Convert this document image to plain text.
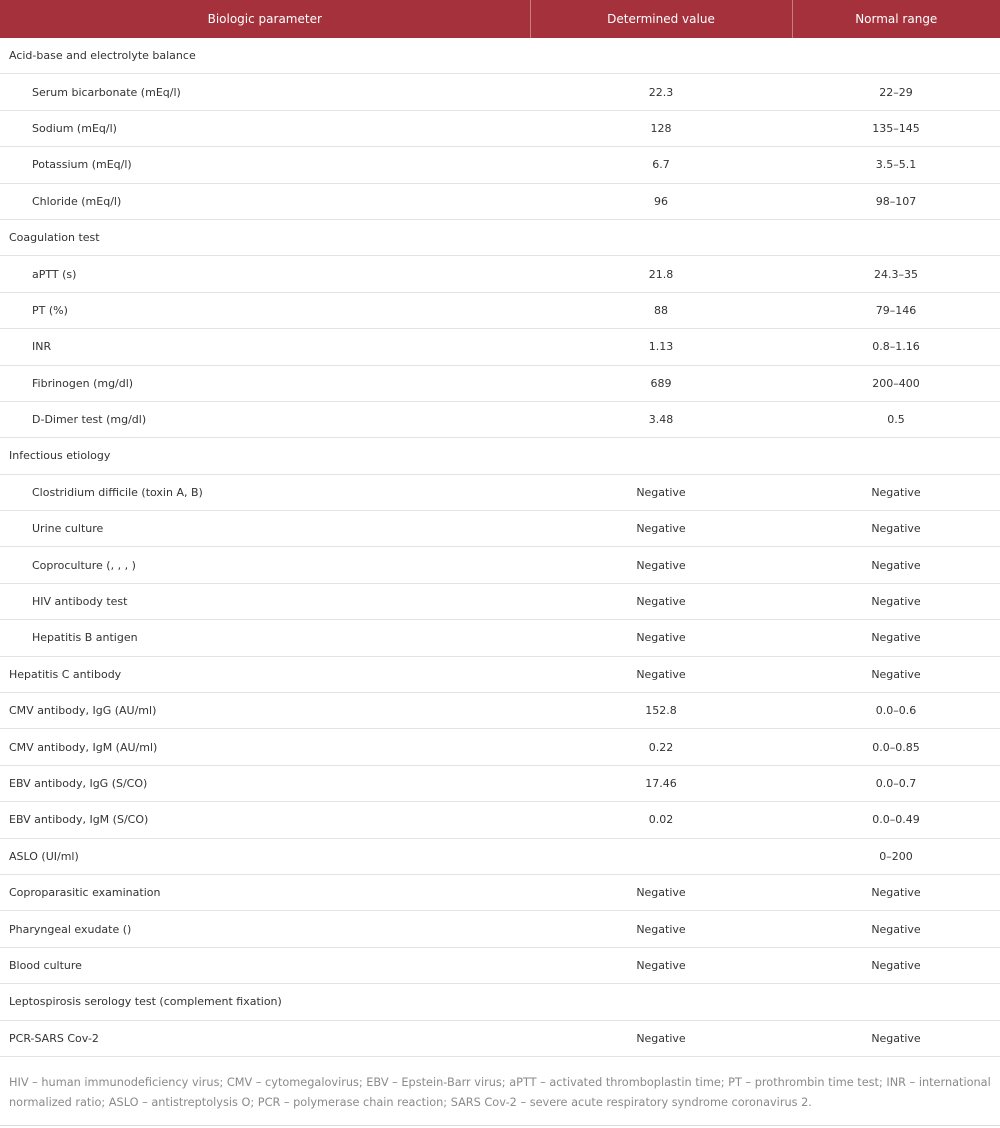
Biologic parameter	Determined value	Normal range
Acid-base and electrolyte balance		
Serum bicarbonate (mEq/l)	22.3	22–29
Sodium (mEq/l)	128	135–145
Potassium (mEq/l)	6.7	3.5–5.1
Chloride (mEq/l)	96	98–107
Coagulation test		
aPTT (s)	21.8	24.3–35
PT (%)	88	79–146
INR	1.13	0.8–1.16
Fibrinogen (mg/dl)	689	200–400
D-Dimer test (mg/dl)	3.48	0.5
Infectious etiology		
Clostridium difficile (toxin A, B)	Negative	Negative
Urine culture	Negative	Negative
Coproculture (, , , )	Negative	Negative
HIV antibody test	Negative	Negative
Hepatitis B antigen	Negative	Negative
Hepatitis C antibody	Negative	Negative
CMV antibody, IgG (AU/ml)	152.8	0.0–0.6
CMV antibody, IgM (AU/ml)	0.22	0.0–0.85
EBV antibody, IgG (S/CO)	17.46	0.0–0.7
EBV antibody, IgM (S/CO)	0.02	0.0–0.49
ASLO (UI/ml)		0–200
Coproparasitic examination	Negative	Negative
Pharyngeal exudate ()	Negative	Negative
Blood culture	Negative	Negative
Leptospirosis serology test (complement fixation)		
PCR-SARS Cov-2	Negative	Negative

HIV – human immunodeficiency virus; CMV – cytomegalovirus; EBV – Epstein-Barr virus; aPTT – activated thromboplastin time; PT – prothrombin time test; INR – international normalized ratio; ASLO – antistreptolysis O; PCR – polymerase chain reaction; SARS Cov-2 – severe acute respiratory syndrome coronavirus 2.
